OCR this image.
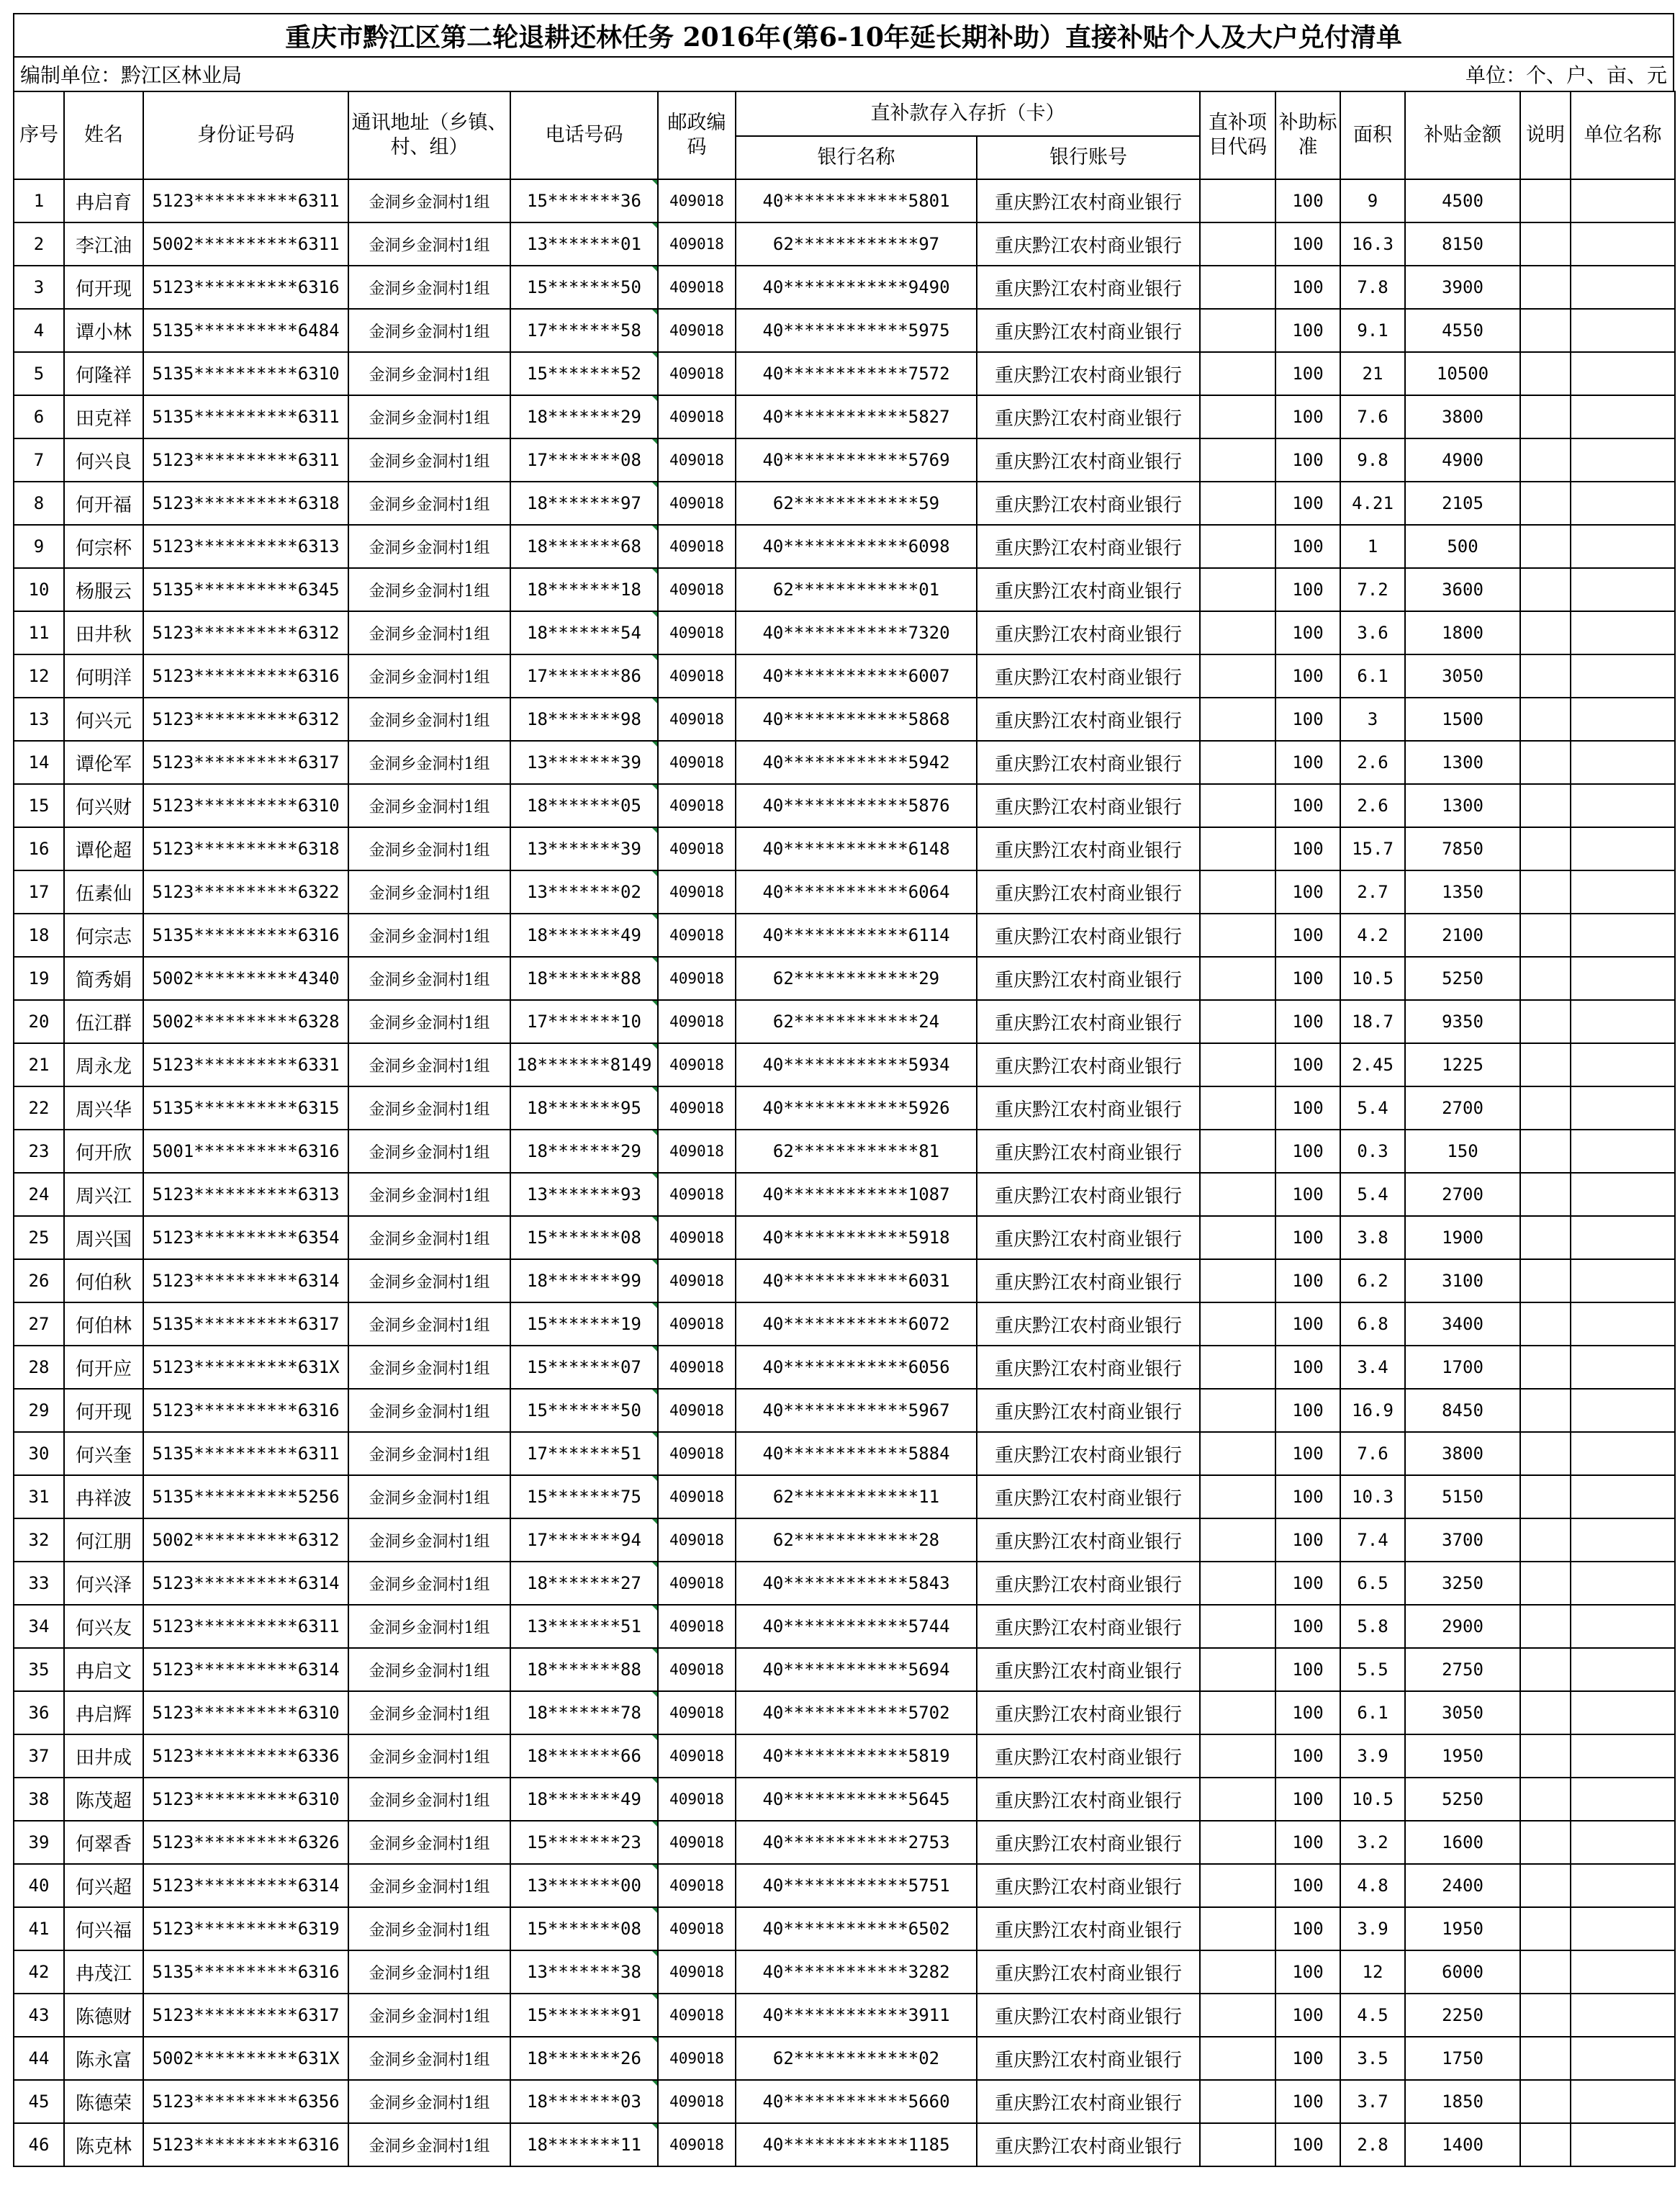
重庆市黔江区第二轮退耕还林任务 2016年(第6-10年延长期补助）直接补贴个人及大户兑付清单
编制单位：黔江区林业局	单位：个、户、亩、元
序号	姓名	身份证号码	通讯地址（乡镇、村、组）	电话号码	邮政编码	直补款存入存折（卡）		直补项目代码	补助标准	面积	补贴金额	说明	单位名称
						银行名称	银行账号						
1	冉启育	5123**********6311	金洞乡金洞村1组	15*******36	409018	40************5801	重庆黔江农村商业银行		100	9	4500		
2	李江油	5002**********6311	金洞乡金洞村1组	13*******01	409018	62************97	重庆黔江农村商业银行		100	16.3	8150		
3	何开现	5123**********6316	金洞乡金洞村1组	15*******50	409018	40************9490	重庆黔江农村商业银行		100	7.8	3900		
4	谭小林	5135**********6484	金洞乡金洞村1组	17*******58	409018	40************5975	重庆黔江农村商业银行		100	9.1	4550		
5	何隆祥	5135**********6310	金洞乡金洞村1组	15*******52	409018	40************7572	重庆黔江农村商业银行		100	21	10500		
6	田克祥	5135**********6311	金洞乡金洞村1组	18*******29	409018	40************5827	重庆黔江农村商业银行		100	7.6	3800		
7	何兴良	5123**********6311	金洞乡金洞村1组	17*******08	409018	40************5769	重庆黔江农村商业银行		100	9.8	4900		
8	何开福	5123**********6318	金洞乡金洞村1组	18*******97	409018	62************59	重庆黔江农村商业银行		100	4.21	2105		
9	何宗杯	5123**********6313	金洞乡金洞村1组	18*******68	409018	40************6098	重庆黔江农村商业银行		100	1	500		
10	杨服云	5135**********6345	金洞乡金洞村1组	18*******18	409018	62************01	重庆黔江农村商业银行		100	7.2	3600		
11	田井秋	5123**********6312	金洞乡金洞村1组	18*******54	409018	40************7320	重庆黔江农村商业银行		100	3.6	1800		
12	何明洋	5123**********6316	金洞乡金洞村1组	17*******86	409018	40************6007	重庆黔江农村商业银行		100	6.1	3050		
13	何兴元	5123**********6312	金洞乡金洞村1组	18*******98	409018	40************5868	重庆黔江农村商业银行		100	3	1500		
14	谭伦军	5123**********6317	金洞乡金洞村1组	13*******39	409018	40************5942	重庆黔江农村商业银行		100	2.6	1300		
15	何兴财	5123**********6310	金洞乡金洞村1组	18*******05	409018	40************5876	重庆黔江农村商业银行		100	2.6	1300		
16	谭伦超	5123**********6318	金洞乡金洞村1组	13*******39	409018	40************6148	重庆黔江农村商业银行		100	15.7	7850		
17	伍素仙	5123**********6322	金洞乡金洞村1组	13*******02	409018	40************6064	重庆黔江农村商业银行		100	2.7	1350		
18	何宗志	5135**********6316	金洞乡金洞村1组	18*******49	409018	40************6114	重庆黔江农村商业银行		100	4.2	2100		
19	简秀娟	5002**********4340	金洞乡金洞村1组	18*******88	409018	62************29	重庆黔江农村商业银行		100	10.5	5250		
20	伍江群	5002**********6328	金洞乡金洞村1组	17*******10	409018	62************24	重庆黔江农村商业银行		100	18.7	9350		
21	周永龙	5123**********6331	金洞乡金洞村1组	18*******8149	409018	40************5934	重庆黔江农村商业银行		100	2.45	1225		
22	周兴华	5135**********6315	金洞乡金洞村1组	18*******95	409018	40************5926	重庆黔江农村商业银行		100	5.4	2700		
23	何开欣	5001**********6316	金洞乡金洞村1组	18*******29	409018	62************81	重庆黔江农村商业银行		100	0.3	150		
24	周兴江	5123**********6313	金洞乡金洞村1组	13*******93	409018	40************1087	重庆黔江农村商业银行		100	5.4	2700		
25	周兴国	5123**********6354	金洞乡金洞村1组	15*******08	409018	40************5918	重庆黔江农村商业银行		100	3.8	1900		
26	何伯秋	5123**********6314	金洞乡金洞村1组	18*******99	409018	40************6031	重庆黔江农村商业银行		100	6.2	3100		
27	何伯林	5135**********6317	金洞乡金洞村1组	15*******19	409018	40************6072	重庆黔江农村商业银行		100	6.8	3400		
28	何开应	5123**********631X	金洞乡金洞村1组	15*******07	409018	40************6056	重庆黔江农村商业银行		100	3.4	1700		
29	何开现	5123**********6316	金洞乡金洞村1组	15*******50	409018	40************5967	重庆黔江农村商业银行		100	16.9	8450		
30	何兴奎	5135**********6311	金洞乡金洞村1组	17*******51	409018	40************5884	重庆黔江农村商业银行		100	7.6	3800		
31	冉祥波	5135**********5256	金洞乡金洞村1组	15*******75	409018	62************11	重庆黔江农村商业银行		100	10.3	5150		
32	何江朋	5002**********6312	金洞乡金洞村1组	17*******94	409018	62************28	重庆黔江农村商业银行		100	7.4	3700		
33	何兴泽	5123**********6314	金洞乡金洞村1组	18*******27	409018	40************5843	重庆黔江农村商业银行		100	6.5	3250		
34	何兴友	5123**********6311	金洞乡金洞村1组	13*******51	409018	40************5744	重庆黔江农村商业银行		100	5.8	2900		
35	冉启文	5123**********6314	金洞乡金洞村1组	18*******88	409018	40************5694	重庆黔江农村商业银行		100	5.5	2750		
36	冉启辉	5123**********6310	金洞乡金洞村1组	18*******78	409018	40************5702	重庆黔江农村商业银行		100	6.1	3050		
37	田井成	5123**********6336	金洞乡金洞村1组	18*******66	409018	40************5819	重庆黔江农村商业银行		100	3.9	1950		
38	陈茂超	5123**********6310	金洞乡金洞村1组	18*******49	409018	40************5645	重庆黔江农村商业银行		100	10.5	5250		
39	何翠香	5123**********6326	金洞乡金洞村1组	15*******23	409018	40************2753	重庆黔江农村商业银行		100	3.2	1600		
40	何兴超	5123**********6314	金洞乡金洞村1组	13*******00	409018	40************5751	重庆黔江农村商业银行		100	4.8	2400		
41	何兴福	5123**********6319	金洞乡金洞村1组	15*******08	409018	40************6502	重庆黔江农村商业银行		100	3.9	1950		
42	冉茂江	5135**********6316	金洞乡金洞村1组	13*******38	409018	40************3282	重庆黔江农村商业银行		100	12	6000		
43	陈德财	5123**********6317	金洞乡金洞村1组	15*******91	409018	40************3911	重庆黔江农村商业银行		100	4.5	2250		
44	陈永富	5002**********631X	金洞乡金洞村1组	18*******26	409018	62************02	重庆黔江农村商业银行		100	3.5	1750		
45	陈德荣	5123**********6356	金洞乡金洞村1组	18*******03	409018	40************5660	重庆黔江农村商业银行		100	3.7	1850		
46	陈克林	5123**********6316	金洞乡金洞村1组	18*******11	409018	40************1185	重庆黔江农村商业银行		100	2.8	1400		
